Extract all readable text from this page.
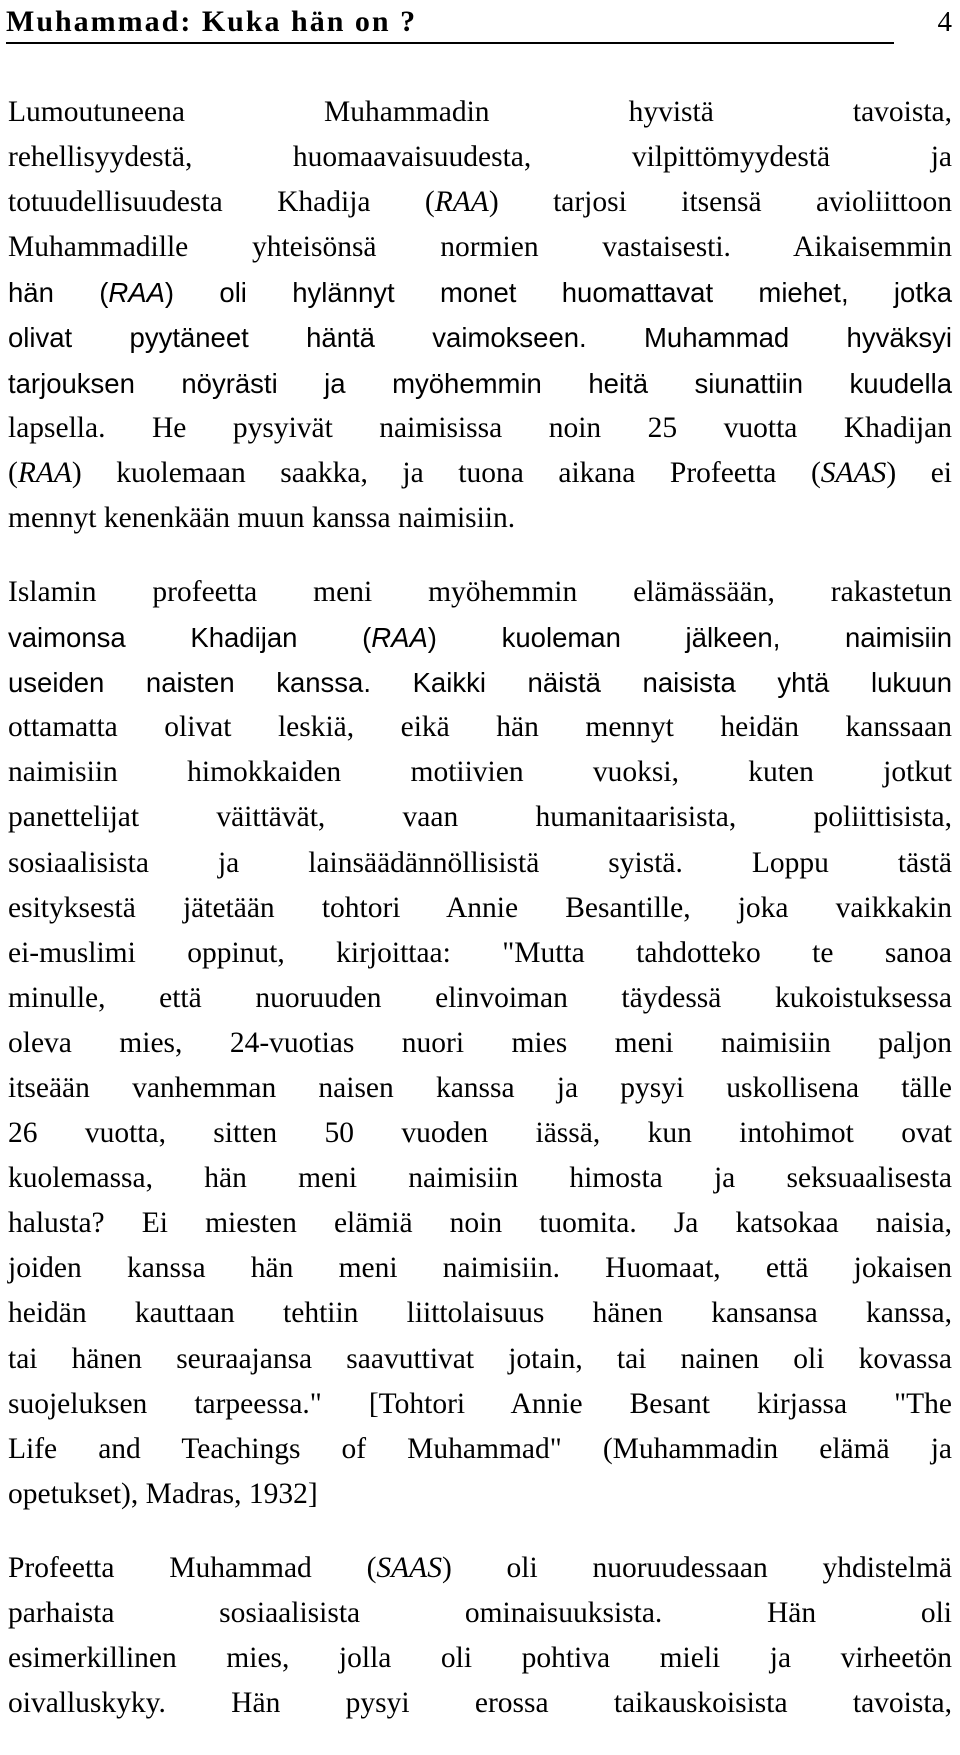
Muhammad: Kuka hän on ?	4

Lumoutuneena Muhammadin hyvistä tavoista,
rehellisyydestä, huomaavaisuudesta, vilpittömyydestä ja
totuudellisuudesta Khadija (RAA) tarjosi itsensä avioliittoon
Muhammadille yhteisönsä normien vastaisesti. Aikaisemmin
hän (RAA) oli hylännyt monet huomattavat miehet, jotka
olivat pyytäneet häntä vaimokseen. Muhammad hyväksyi
tarjouksen nöyrästi ja myöhemmin heitä siunattiin kuudella
lapsella. He pysyivät naimisissa noin 25 vuotta Khadijan
(RAA) kuolemaan saakka, ja tuona aikana Profeetta (SAAS) ei
mennyt kenenkään muun kanssa naimisiin.

Islamin profeetta meni myöhemmin elämässään, rakastetun
vaimonsa Khadijan (RAA) kuoleman jälkeen, naimisiin
useiden naisten kanssa. Kaikki näistä naisista yhtä lukuun
ottamatta olivat leskiä, eikä hän mennyt heidän kanssaan
naimisiin himokkaiden motiivien vuoksi, kuten jotkut
panettelijat väittävät, vaan humanitaarisista, poliittisista,
sosiaalisista ja lainsäädännöllisistä syistä. Loppu tästä
esityksestä jätetään tohtori Annie Besantille, joka vaikkakin
ei-muslimi oppinut, kirjoittaa: "Mutta tahdotteko te sanoa
minulle, että nuoruuden elinvoiman täydessä kukoistuksessa
oleva mies, 24-vuotias nuori mies meni naimisiin paljon
itseään vanhemman naisen kanssa ja pysyi uskollisena tälle
26 vuotta, sitten 50 vuoden iässä, kun intohimot ovat
kuolemassa, hän meni naimisiin himosta ja seksuaalisesta
halusta? Ei miesten elämiä noin tuomita. Ja katsokaa naisia,
joiden kanssa hän meni naimisiin. Huomaat, että jokaisen
heidän kauttaan tehtiin liittolaisuus hänen kansansa kanssa,
tai hänen seuraajansa saavuttivat jotain, tai nainen oli kovassa
suojeluksen tarpeessa." [Tohtori Annie Besant kirjassa "The
Life and Teachings of Muhammad" (Muhammadin elämä ja
opetukset), Madras, 1932]

Profeetta Muhammad (SAAS) oli nuoruudessaan yhdistelmä
parhaista sosiaalisista ominaisuuksista. Hän oli
esimerkillinen mies, jolla oli pohtiva mieli ja virheetön
oivalluskyky. Hän pysyi erossa taikauskoisista tavoista,
